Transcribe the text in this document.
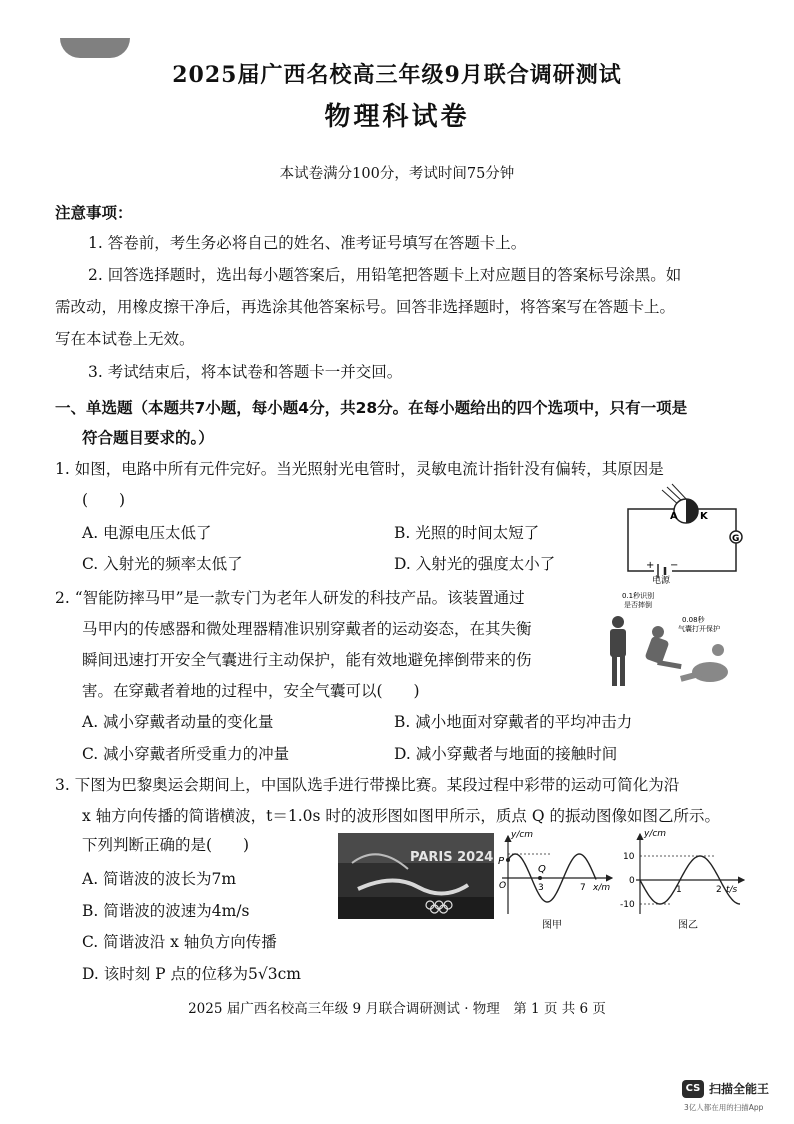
2025届广西名校高三年级9月联合调研测试
物理科试卷
本试卷满分100分，考试时间75分钟
注意事项：
1. 答卷前，考生务必将自己的姓名、准考证号填写在答题卡上。
2. 回答选择题时，选出每小题答案后，用铅笔把答题卡上对应题目的答案标号涂黑。如
需改动，用橡皮擦干净后，再选涂其他答案标号。回答非选择题时，将答案写在答题卡上。
写在本试卷上无效。
3. 考试结束后，将本试卷和答题卡一并交回。
一、单选题（本题共7小题，每小题4分，共28分。在每小题给出的四个选项中，只有一项是
符合题目要求的。）
1. 如图，电路中所有元件完好。当光照射光电管时，灵敏电流计指针没有偏转，其原因是
(　　)
A. 电源电压太低了	B. 光照的时间太短了
C. 入射光的频率太低了	D. 入射光的强度太小了
A K
G
+ −
电源
2. “智能防摔马甲”是一款专门为老年人研发的科技产品。该装置通过
马甲内的传感器和微处理器精准识别穿戴者的运动姿态，在其失衡
瞬间迅速打开安全气囊进行主动保护，能有效地避免摔倒带来的伤
害。在穿戴者着地的过程中，安全气囊可以(　　)
A. 减小穿戴者动量的变化量	B. 减小地面对穿戴者的平均冲击力
C. 减小穿戴者所受重力的冲量	D. 减小穿戴者与地面的接触时间
0.1秒识别
是否摔倒
0.08秒
气囊打开保护
3. 下图为巴黎奥运会期间上，中国队选手进行带操比赛。某段过程中彩带的运动可简化为沿
x 轴方向传播的简谐横波，t＝1.0s 时的波形图如图甲所示，质点 Q 的振动图像如图乙所示。
下列判断正确的是(　　)
A. 简谐波的波长为7m
B. 简谐波的波速为4m/s
C. 简谐波沿 x 轴负方向传播
D. 该时刻 P 点的位移为5√3cm
PARIS 2024
y/cm
x/m
P
Q
O	3	7
图甲
y/cm
t/s
10
0
-10
1	2
图乙
2025 届广西名校高三年级 9 月联合调研测试 · 物理　第 1 页 共 6 页
CS 扫描全能王
3亿人都在用的扫描App
